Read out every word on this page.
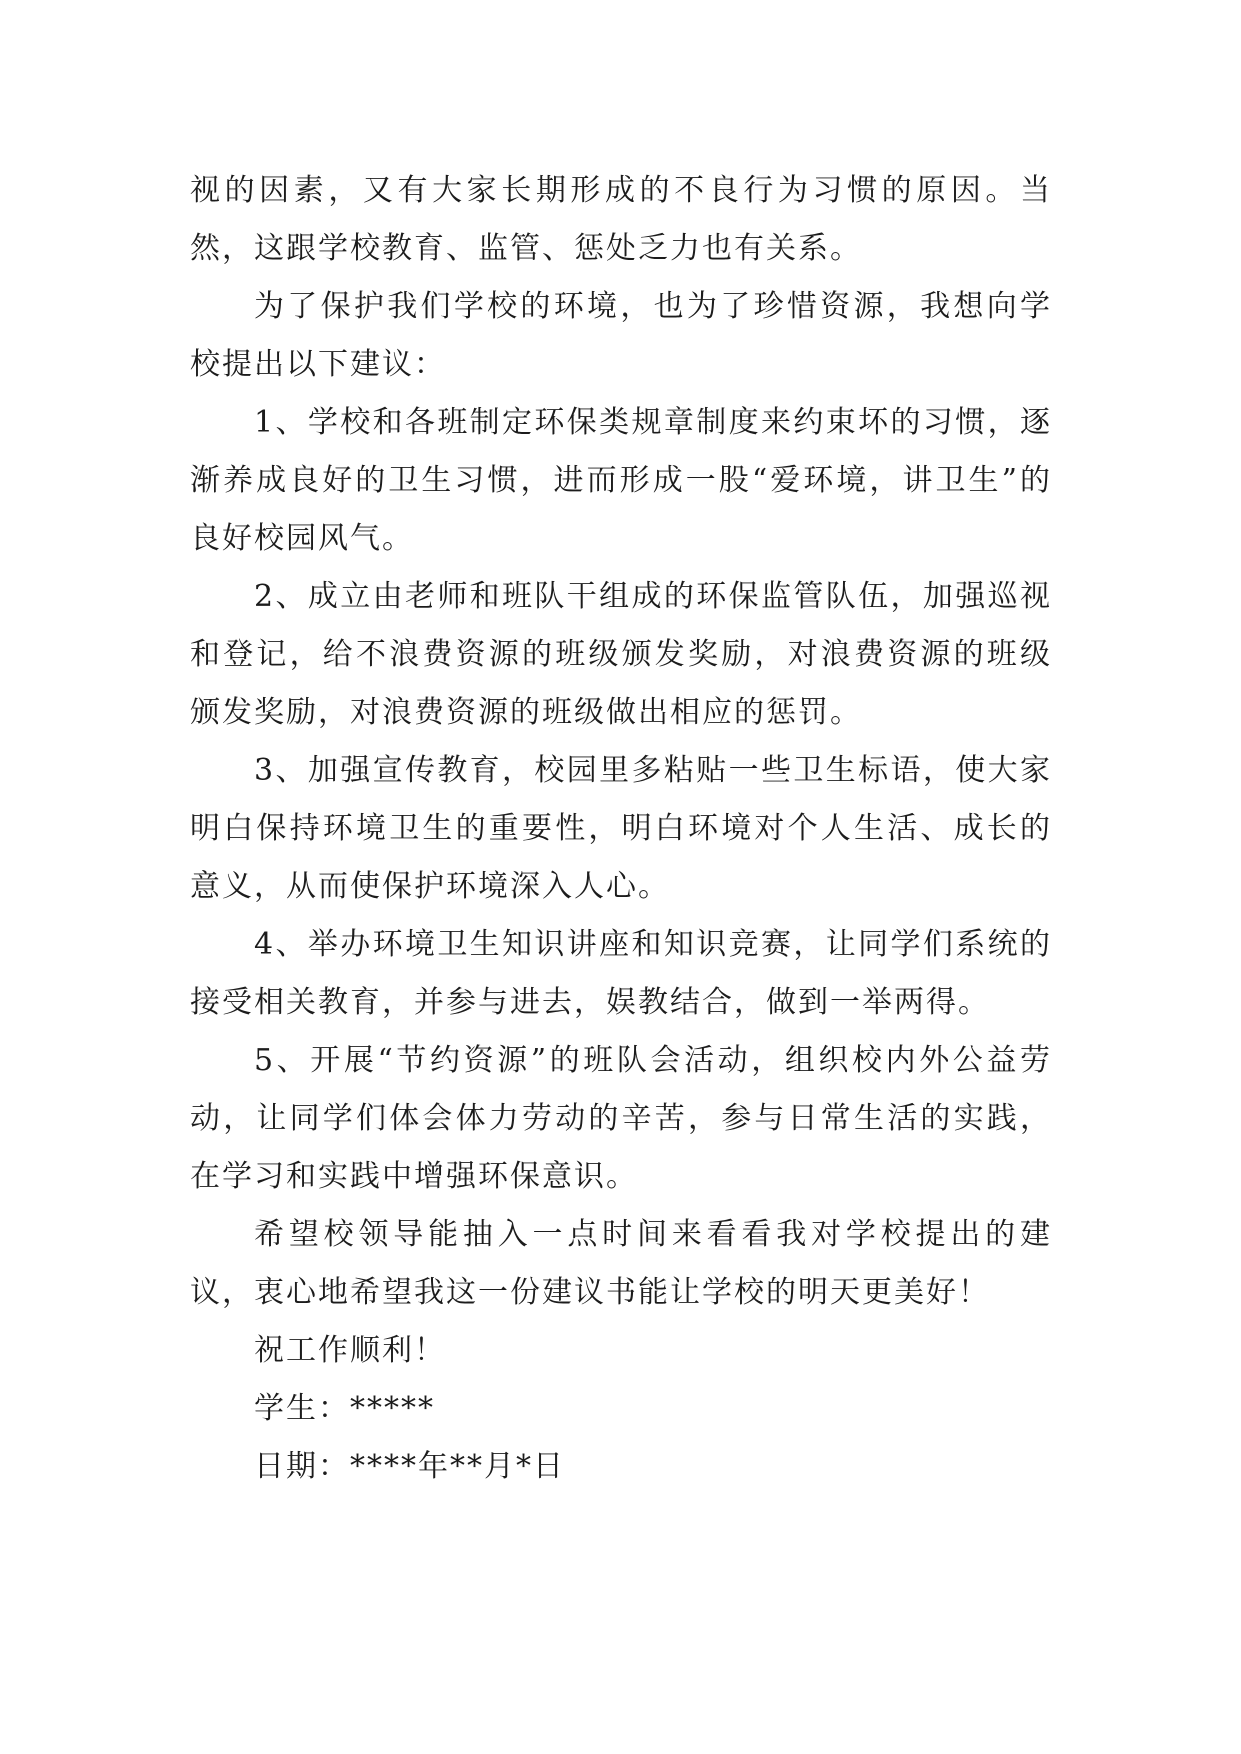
视的因素，又有大家长期形成的不良行为习惯的原因。当然，这跟学校教育、监管、惩处乏力也有关系。

为了保护我们学校的环境，也为了珍惜资源，我想向学校提出以下建议：

1、学校和各班制定环保类规章制度来约束坏的习惯，逐渐养成良好的卫生习惯，进而形成一股“爱环境，讲卫生”的良好校园风气。

2、成立由老师和班队干组成的环保监管队伍，加强巡视和登记，给不浪费资源的班级颁发奖励，对浪费资源的班级颁发奖励，对浪费资源的班级做出相应的惩罚。

3、加强宣传教育，校园里多粘贴一些卫生标语，使大家明白保持环境卫生的重要性，明白环境对个人生活、成长的意义，从而使保护环境深入人心。

4、举办环境卫生知识讲座和知识竞赛，让同学们系统的接受相关教育，并参与进去，娱教结合，做到一举两得。

5、开展“节约资源”的班队会活动，组织校内外公益劳动，让同学们体会体力劳动的辛苦，参与日常生活的实践，在学习和实践中增强环保意识。

希望校领导能抽入一点时间来看看我对学校提出的建议，衷心地希望我这一份建议书能让学校的明天更美好！

祝工作顺利！

学生：*****

日期：****年**月*日
